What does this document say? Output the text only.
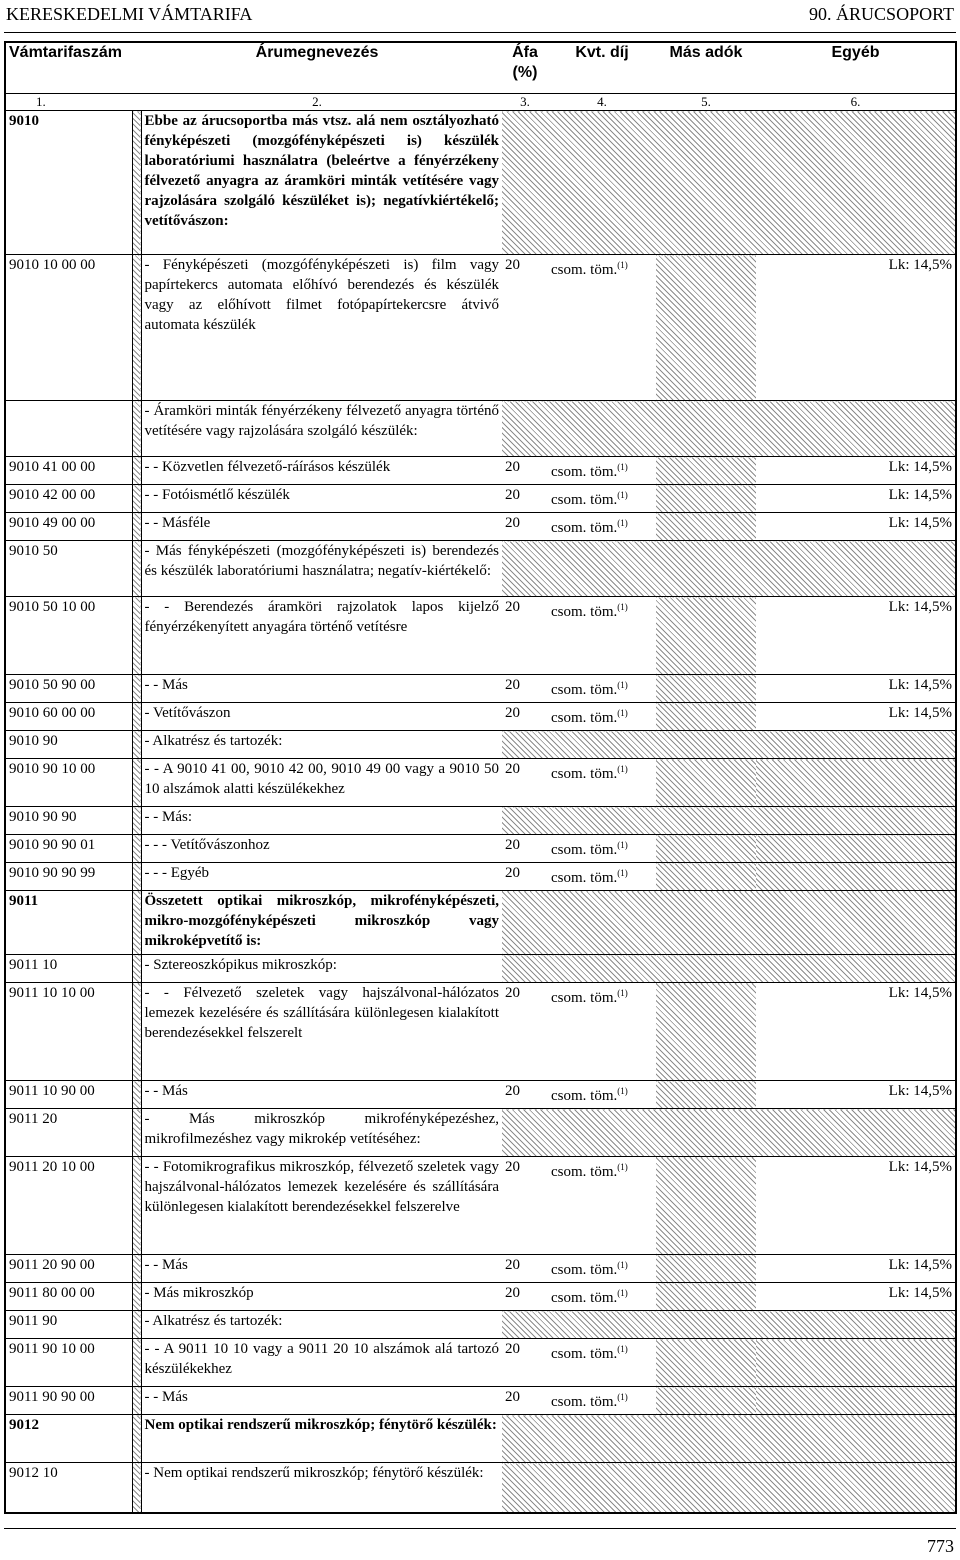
KERESKEDELMI VÁMTARIFA	90. ÁRUCSOPORT
Vámtarifaszám	Árumegnevezés		Áfa (%)	Kvt. díj	Más adók	Egyéb
1.	2.		3.	4.	5.	6.
9010		Ebbe az árucsoportba más vtsz. alá nem osztályozható fényképészeti (mozgófényképészeti is) készülék laboratóriumi használatra (beleértve a fényérzékeny félvezető anyagra az áramköri minták vetítésére vagy rajzolására szolgáló készüléket is); negatívkiértékelő; vetítővászon:				
9010 10 00 00		- Fényképészeti (mozgófényképészeti is) film vagy papírtekercs automata előhívó berendezés és készülék vagy az előhívott filmet fotópapírtekercsre átvivő automata készülék	20	csom. töm.$^{(1)}$		Lk: 14,5%
		- Áramköri minták fényérzékeny félvezető anyagra történő vetítésére vagy rajzolására szolgáló készülék:				
9010 41 00 00		- - Közvetlen félvezető-ráírásos készülék	20	csom. töm.$^{(1)}$		Lk: 14,5%
9010 42 00 00		- - Fotóismétlő készülék	20	csom. töm.$^{(1)}$		Lk: 14,5%
9010 49 00 00		- - Másféle	20	csom. töm.$^{(1)}$		Lk: 14,5%
9010 50		- Más fényképészeti (mozgófényképészeti is) berendezés és készülék laboratóriumi használatra; negatív-kiértékelő:				
9010 50 10 00		- - Berendezés áramköri rajzolatok lapos kijelző fényérzékenyített anyagára történő vetítésre	20	csom. töm.$^{(1)}$		Lk: 14,5%
9010 50 90 00		- - Más	20	csom. töm.$^{(1)}$		Lk: 14,5%
9010 60 00 00		- Vetítővászon	20	csom. töm.$^{(1)}$		Lk: 14,5%
9010 90		- Alkatrész és tartozék:				
9010 90 10 00		- - A 9010 41 00, 9010 42 00, 9010 49 00 vagy a 9010 50 10 alszámok alatti készülékekhez	20	csom. töm.$^{(1)}$		
9010 90 90		- - Más:				
9010 90 90 01		- - - Vetítővászonhoz	20	csom. töm.$^{(1)}$		
9010 90 90 99		- - - Egyéb	20	csom. töm.$^{(1)}$		
9011		Összetett optikai mikroszkóp, mikrofényképészeti, mikro-mozgófényképészeti mikroszkóp vagy mikroképvetítő is:				
9011 10		- Sztereoszkópikus mikroszkóp:				
9011 10 10 00		- - Félvezető szeletek vagy hajszálvonal-hálózatos lemezek kezelésére és szállítására különlegesen kialakított berendezésekkel felszerelt	20	csom. töm.$^{(1)}$		Lk: 14,5%
9011 10 90 00		- - Más	20	csom. töm.$^{(1)}$		Lk: 14,5%
9011 20		- Más mikroszkóp mikrofényképezéshez, mikrofilmezéshez vagy mikrokép vetítéséhez:				
9011 20 10 00		- - Fotomikrografikus mikroszkóp, félvezető szeletek vagy hajszálvonal-hálózatos lemezek kezelésére és szállítására különlegesen kialakított berendezésekkel felszerelve	20	csom. töm.$^{(1)}$		Lk: 14,5%
9011 20 90 00		- - Más	20	csom. töm.$^{(1)}$		Lk: 14,5%
9011 80 00 00		- Más mikroszkóp	20	csom. töm.$^{(1)}$		Lk: 14,5%
9011 90		- Alkatrész és tartozék:				
9011 90 10 00		- - A 9011 10 10 vagy a 9011 20 10 alszámok alá tartozó készülékekhez	20	csom. töm.$^{(1)}$		
9011 90 90 00		- - Más	20	csom. töm.$^{(1)}$		
9012		Nem optikai rendszerű mikroszkóp; fénytörő készülék:				
9012 10		- Nem optikai rendszerű mikroszkóp; fénytörő készülék:				
773
